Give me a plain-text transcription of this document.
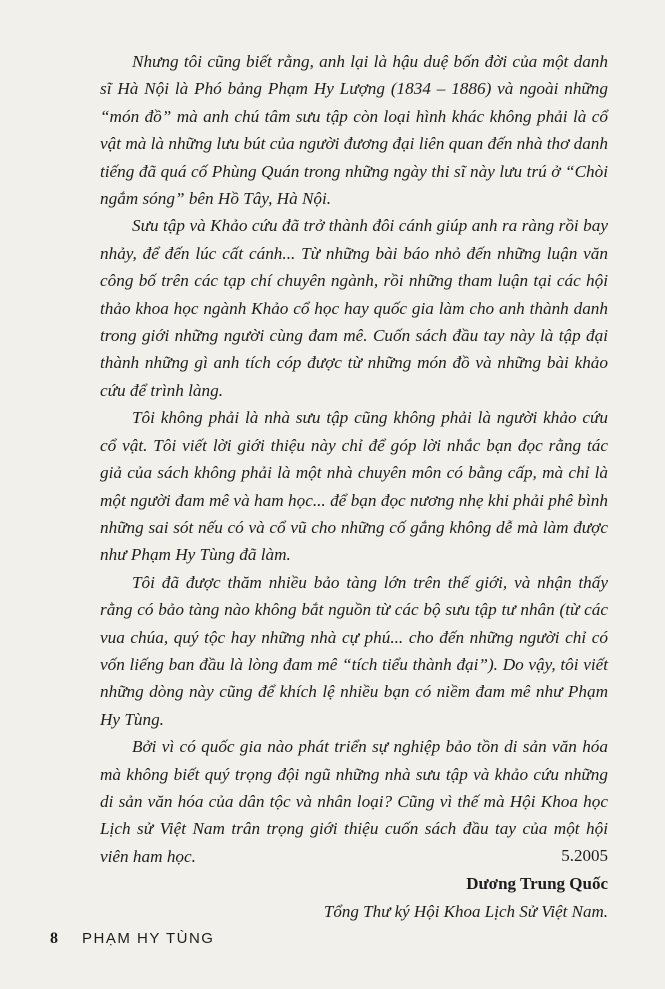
Nhưng tôi cũng biết rằng, anh lại là hậu duệ bốn đời của một danh sĩ Hà Nội là Phó bảng Phạm Hy Lượng (1834 – 1886) và ngoài những “món đồ” mà anh chú tâm sưu tập còn loại hình khác không phải là cổ vật mà là những lưu bút của người đương đại liên quan đến nhà thơ danh tiếng đã quá cố Phùng Quán trong những ngày thi sĩ này lưu trú ở “Chòi ngắm sóng” bên Hồ Tây, Hà Nội.

Sưu tập và Khảo cứu đã trở thành đôi cánh giúp anh ra ràng rồi bay nhảy, để đến lúc cất cánh... Từ những bài báo nhỏ đến những luận văn công bố trên các tạp chí chuyên ngành, rồi những tham luận tại các hội thảo khoa học ngành Khảo cổ học hay quốc gia làm cho anh thành danh trong giới những người cùng đam mê. Cuốn sách đầu tay này là tập đại thành những gì anh tích cóp được từ những món đồ và những bài khảo cứu để trình làng.

Tôi không phải là nhà sưu tập cũng không phải là người khảo cứu cổ vật. Tôi viết lời giới thiệu này chỉ để góp lời nhắc bạn đọc rằng tác giả của sách không phải là một nhà chuyên môn có bằng cấp, mà chỉ là một người đam mê và ham học... để bạn đọc nương nhẹ khi phải phê bình những sai sót nếu có và cổ vũ cho những cố gắng không dễ mà làm được như Phạm Hy Tùng đã làm.

Tôi đã được thăm nhiều bảo tàng lớn trên thế giới, và nhận thấy rằng có bảo tàng nào không bắt nguồn từ các bộ sưu tập tư nhân (từ các vua chúa, quý tộc hay những nhà cự phú... cho đến những người chỉ có vốn liếng ban đầu là lòng đam mê “tích tiểu thành đại”). Do vậy, tôi viết những dòng này cũng để khích lệ nhiều bạn có niềm đam mê như Phạm Hy Tùng.

Bởi vì có quốc gia nào phát triển sự nghiệp bảo tồn di sản văn hóa mà không biết quý trọng đội ngũ những nhà sưu tập và khảo cứu những di sản văn hóa của dân tộc và nhân loại? Cũng vì thế mà Hội Khoa học Lịch sử Việt Nam trân trọng giới thiệu cuốn sách đầu tay của một hội viên ham học.	5.2005
Dương Trung Quốc
Tổng Thư ký Hội Khoa Lịch Sử Việt Nam.
8 PHẠM HY TÙNG
